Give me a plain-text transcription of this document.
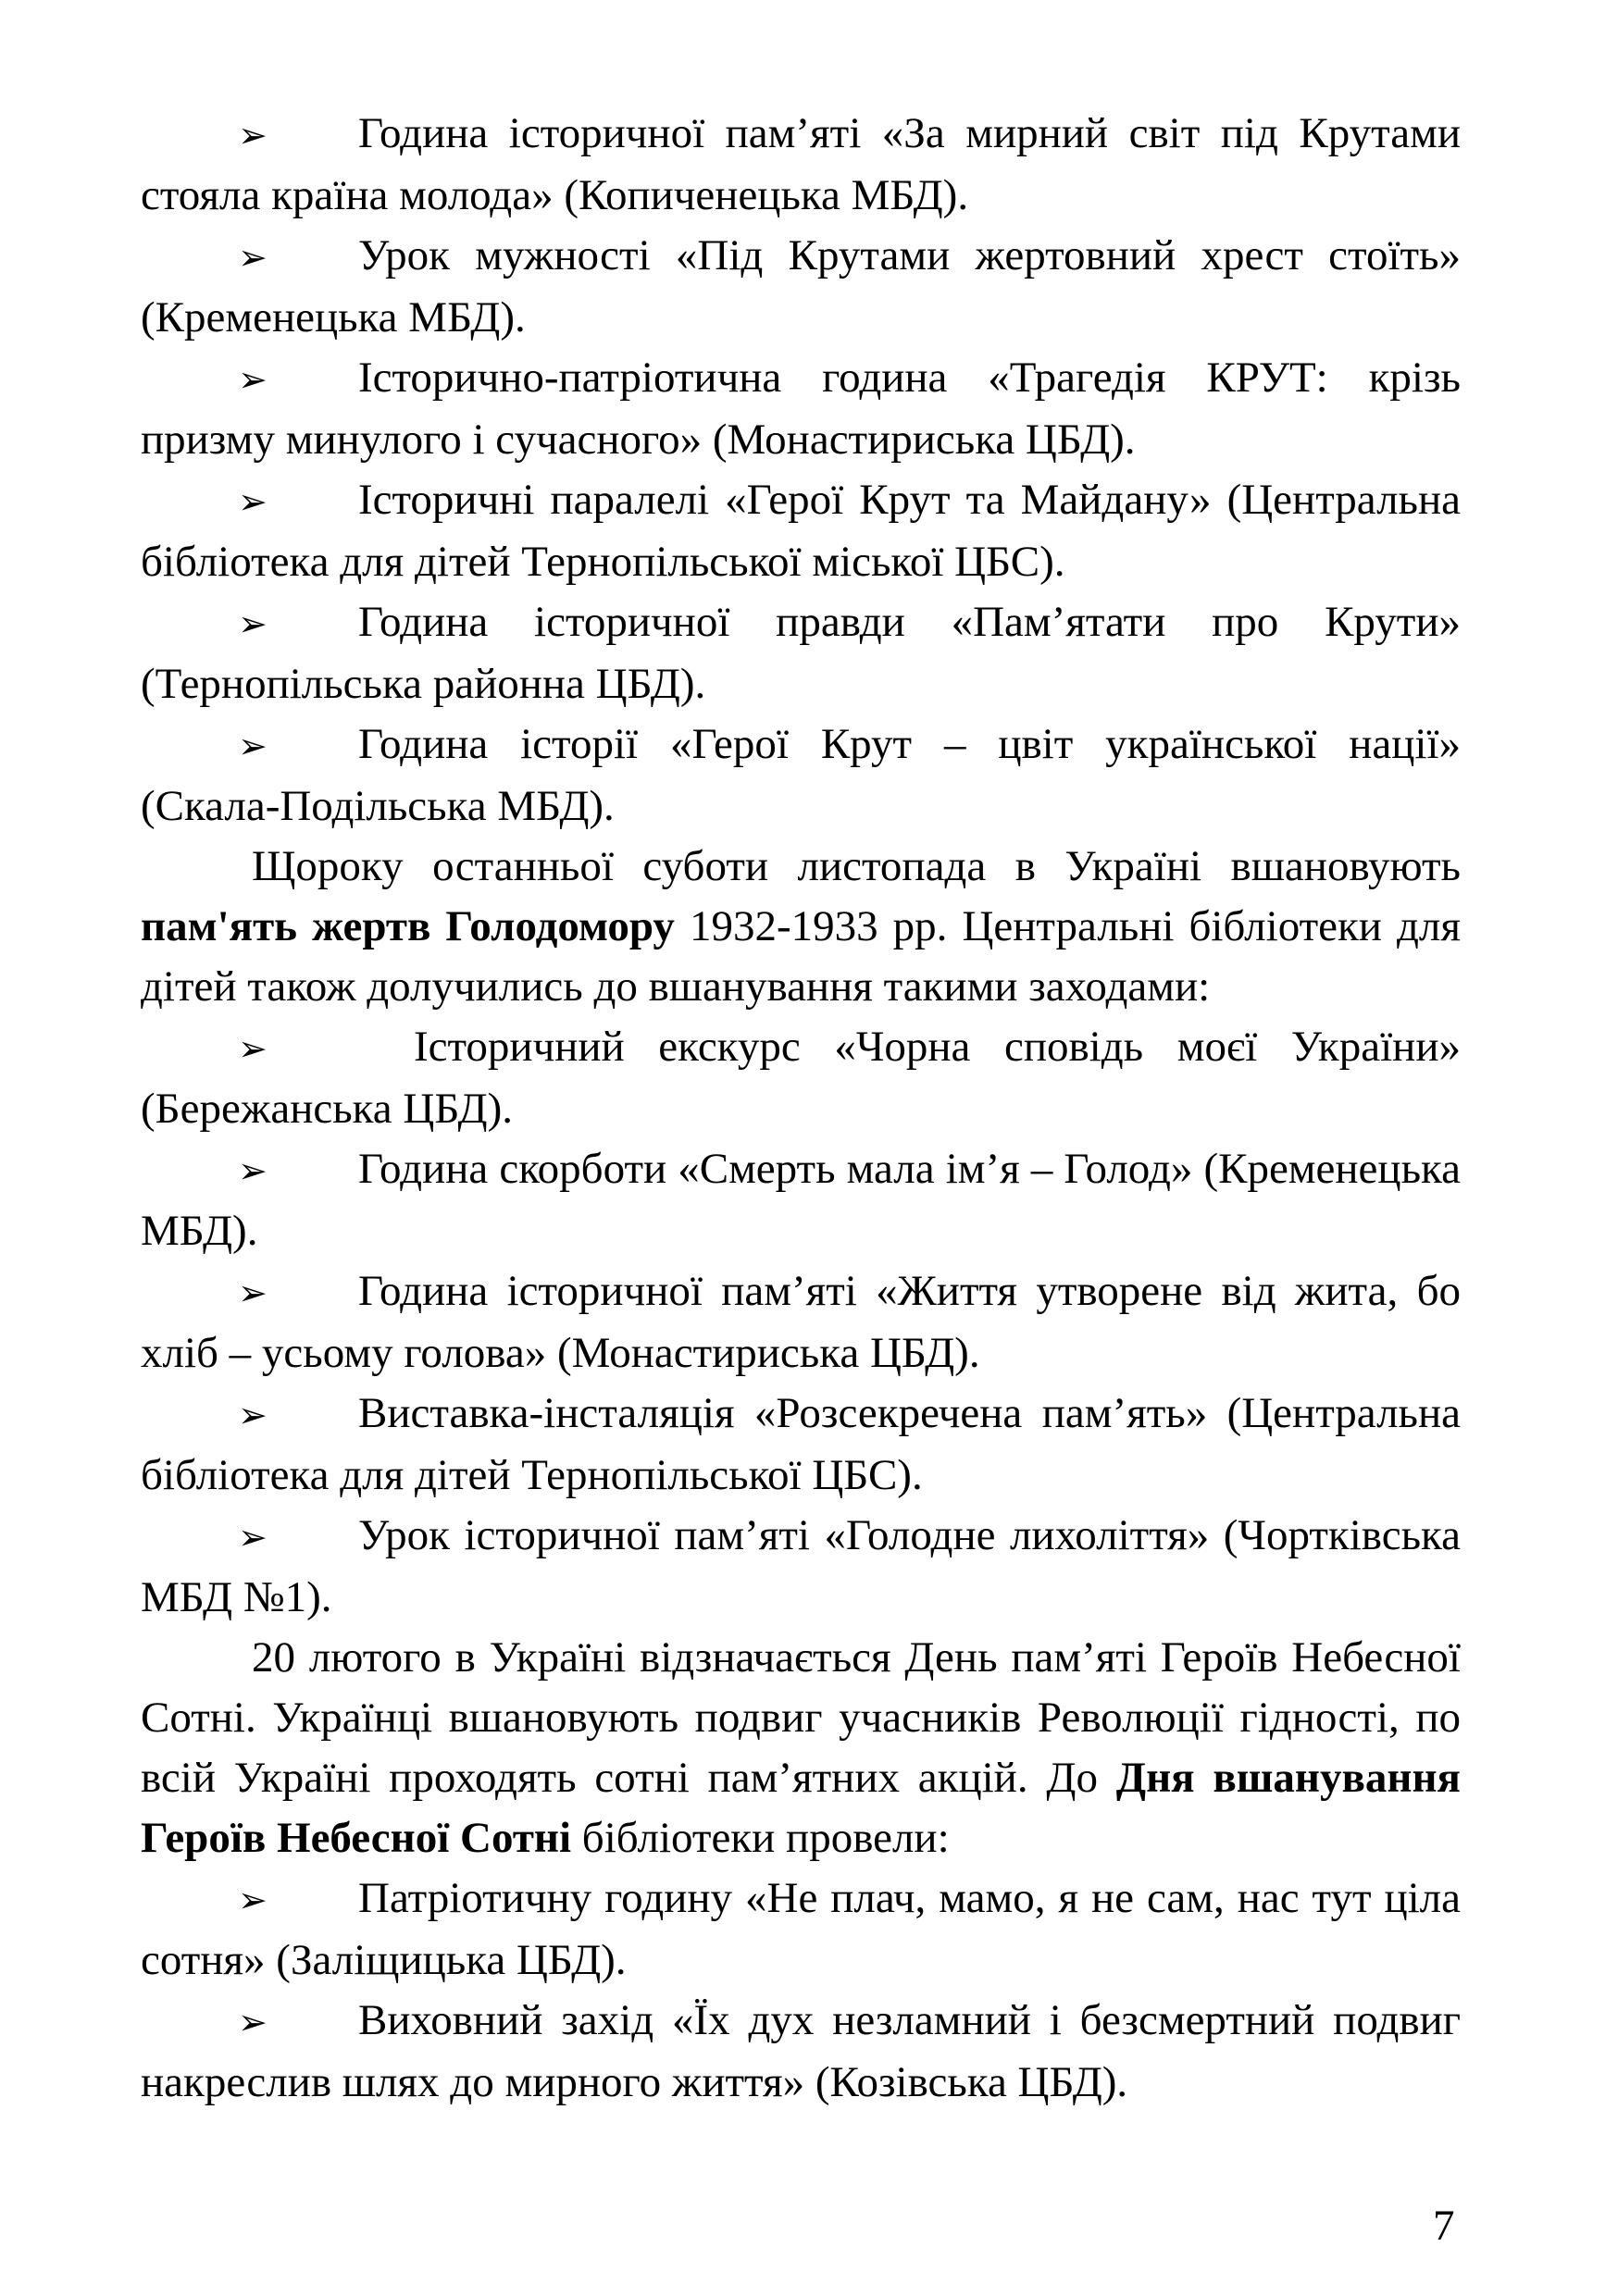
➢ Година історичної пам’яті «За мирний світ під Крутами стояла країна молода» (Копиченецька МБД).
➢ Урок мужності «Під Крутами жертовний хрест стоїть» (Кременецька МБД).
➢ Історично-патріотична година «Трагедія КРУТ: крізь призму минулого і сучасного» (Монастириська ЦБД).
➢ Історичні паралелі «Герої Крут та Майдану» (Центральна бібліотека для дітей Тернопільської міської ЦБС).
➢ Година історичної правди «Пам’ятати про Крути» (Тернопільська районна ЦБД).
➢ Година історії «Герої Крут – цвіт української нації» (Скала-Подільська МБД).

Щороку останньої суботи листопада в Україні вшановують пам'ять жертв Голодомору 1932-1933 рр. Центральні бібліотеки для дітей також долучились до вшанування такими заходами:

➢	Історичний екскурс «Чорна сповідь моєї України» (Бережанська ЦБД).
➢ Година скорботи «Смерть мала ім’я – Голод» (Кременецька МБД).
➢ Година історичної пам’яті «Життя утворене від жита, бо хліб – усьому голова» (Монастириська ЦБД).
➢ Виставка-інсталяція «Розсекречена пам’ять» (Центральна бібліотека для дітей Тернопільської ЦБС).
➢ Урок історичної пам’яті «Голодне лихоліття» (Чортківська МБД №1).

20 лютого в Україні відзначається День пам’яті Героїв Небесної Сотні. Українці вшановують подвиг учасників Революції гідності, по всій Україні проходять сотні пам’ятних акцій. До Дня вшанування Героїв Небесної Сотні бібліотеки провели:

➢ Патріотичну годину «Не плач, мамо, я не сам, нас тут ціла сотня» (Заліщицька ЦБД).
➢ Виховний захід «Їх дух незламний і безсмертний подвиг накреслив шлях до мирного життя» (Козівська ЦБД).
7
